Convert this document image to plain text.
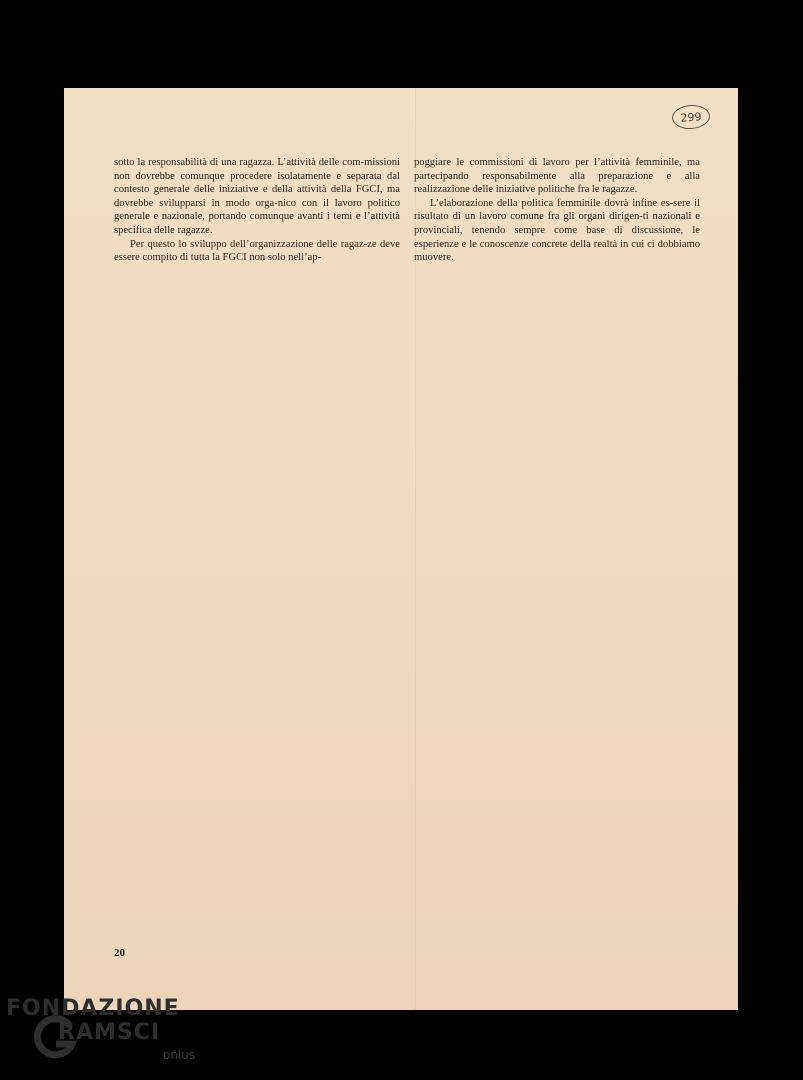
299

sotto la responsabilità di una ragazza. L’attività delle com-missioni non dovrebbe comunque procedere isolatamente e separata dal contesto generale delle iniziative e della attività della FGCI, ma dovrebbe svilupparsi in modo orga-nico con il lavoro politico generale e nazionale, portando comunque avanti i temi e l’attività specifica delle ragazze.

Per questo lo sviluppo dell’organizzazione delle ragaz-ze deve essere compito di tutta la FGCI non solo nell’ap-

poggiare le commissioni di lavoro per l’attività femminile, ma partecipando responsabilmente alla preparazione e alla realizzazione delle iniziative politiche fra le ragazze.

L’elaborazione della politica femminile dovrà infine es-sere il risultato di un lavoro comune fra gli organi dirigen-ti nazionali e provinciali, tenendo sempre come base di discussione, le esperienze e le conoscenze concrete della realtà in cui ci dobbiamo muovere.

20
FONDAZIONE
RAMSCI
onlus
